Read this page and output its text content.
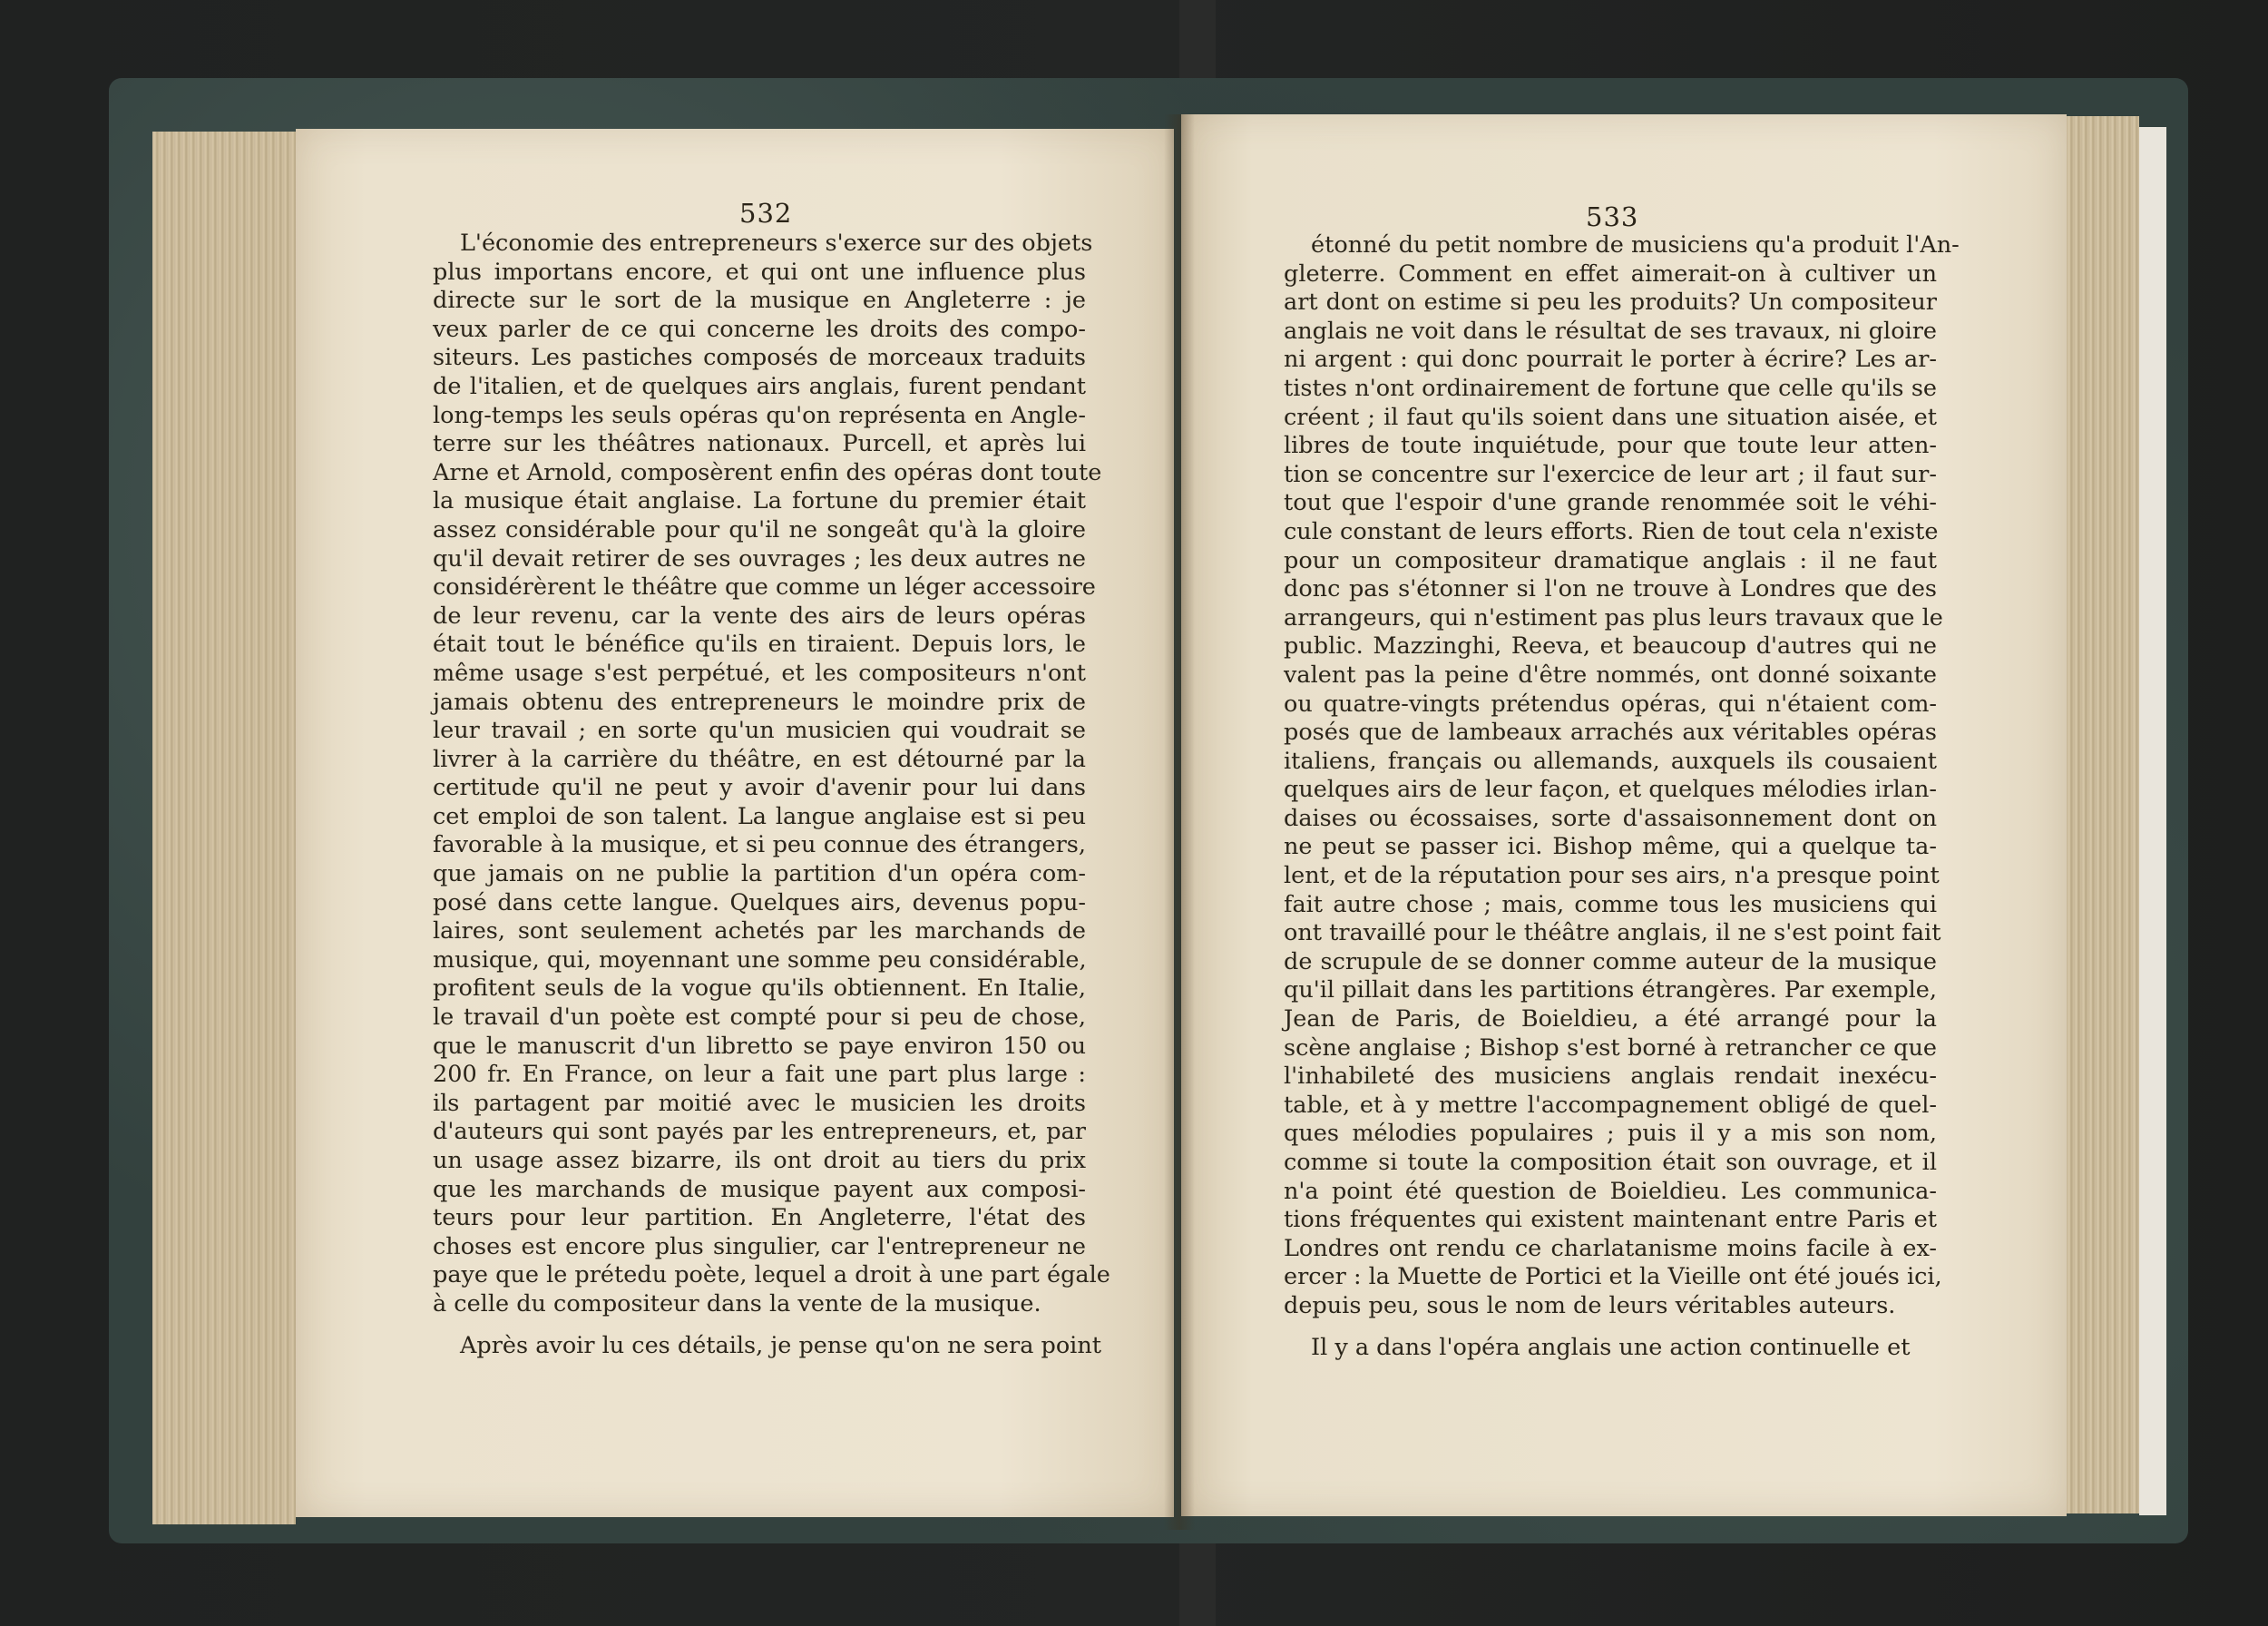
532	533
L'économie des entrepreneurs s'exerce sur des objets
plus importans encore, et qui ont une influence plus
directe sur le sort de la musique en Angleterre : je
veux parler de ce qui concerne les droits des compo-
siteurs. Les pastiches composés de morceaux traduits
de l'italien, et de quelques airs anglais, furent pendant
long-temps les seuls opéras qu'on représenta en Angle-
terre sur les théâtres nationaux. Purcell, et après lui
Arne et Arnold, composèrent enfin des opéras dont toute
la musique était anglaise. La fortune du premier était
assez considérable pour qu'il ne songeât qu'à la gloire
qu'il devait retirer de ses ouvrages ; les deux autres ne
considérèrent le théâtre que comme un léger accessoire
de leur revenu, car la vente des airs de leurs opéras
était tout le bénéfice qu'ils en tiraient. Depuis lors, le
même usage s'est perpétué, et les compositeurs n'ont
jamais obtenu des entrepreneurs le moindre prix de
leur travail ; en sorte qu'un musicien qui voudrait se
livrer à la carrière du théâtre, en est détourné par la
certitude qu'il ne peut y avoir d'avenir pour lui dans
cet emploi de son talent. La langue anglaise est si peu
favorable à la musique, et si peu connue des étrangers,
que jamais on ne publie la partition d'un opéra com-
posé dans cette langue. Quelques airs, devenus popu-
laires, sont seulement achetés par les marchands de
musique, qui, moyennant une somme peu considérable,
profitent seuls de la vogue qu'ils obtiennent. En Italie,
le travail d'un poète est compté pour si peu de chose,
que le manuscrit d'un libretto se paye environ 150 ou
200 fr. En France, on leur a fait une part plus large :
ils partagent par moitié avec le musicien les droits
d'auteurs qui sont payés par les entrepreneurs, et, par
un usage assez bizarre, ils ont droit au tiers du prix
que les marchands de musique payent aux composi-
teurs pour leur partition. En Angleterre, l'état des
choses est encore plus singulier, car l'entrepreneur ne
paye que le prétedu poète, lequel a droit à une part égale
à celle du compositeur dans la vente de la musique.
Après avoir lu ces détails, je pense qu'on ne sera point
étonné du petit nombre de musiciens qu'a produit l'An-
gleterre. Comment en effet aimerait-on à cultiver un
art dont on estime si peu les produits? Un compositeur
anglais ne voit dans le résultat de ses travaux, ni gloire
ni argent : qui donc pourrait le porter à écrire? Les ar-
tistes n'ont ordinairement de fortune que celle qu'ils se
créent ; il faut qu'ils soient dans une situation aisée, et
libres de toute inquiétude, pour que toute leur atten-
tion se concentre sur l'exercice de leur art ; il faut sur-
tout que l'espoir d'une grande renommée soit le véhi-
cule constant de leurs efforts. Rien de tout cela n'existe
pour un compositeur dramatique anglais : il ne faut
donc pas s'étonner si l'on ne trouve à Londres que des
arrangeurs, qui n'estiment pas plus leurs travaux que le
public. Mazzinghi, Reeva, et beaucoup d'autres qui ne
valent pas la peine d'être nommés, ont donné soixante
ou quatre-vingts prétendus opéras, qui n'étaient com-
posés que de lambeaux arrachés aux véritables opéras
italiens, français ou allemands, auxquels ils cousaient
quelques airs de leur façon, et quelques mélodies irlan-
daises ou écossaises, sorte d'assaisonnement dont on
ne peut se passer ici. Bishop même, qui a quelque ta-
lent, et de la réputation pour ses airs, n'a presque point
fait autre chose ; mais, comme tous les musiciens qui
ont travaillé pour le théâtre anglais, il ne s'est point fait
de scrupule de se donner comme auteur de la musique
qu'il pillait dans les partitions étrangères. Par exemple,
Jean de Paris, de Boieldieu, a été arrangé pour la
scène anglaise ; Bishop s'est borné à retrancher ce que
l'inhabileté des musiciens anglais rendait inexécu-
table, et à y mettre l'accompagnement obligé de quel-
ques mélodies populaires ; puis il y a mis son nom,
comme si toute la composition était son ouvrage, et il
n'a point été question de Boieldieu. Les communica-
tions fréquentes qui existent maintenant entre Paris et
Londres ont rendu ce charlatanisme moins facile à ex-
ercer : la Muette de Portici et la Vieille ont été joués ici,
depuis peu, sous le nom de leurs véritables auteurs.
Il y a dans l'opéra anglais une action continuelle et
